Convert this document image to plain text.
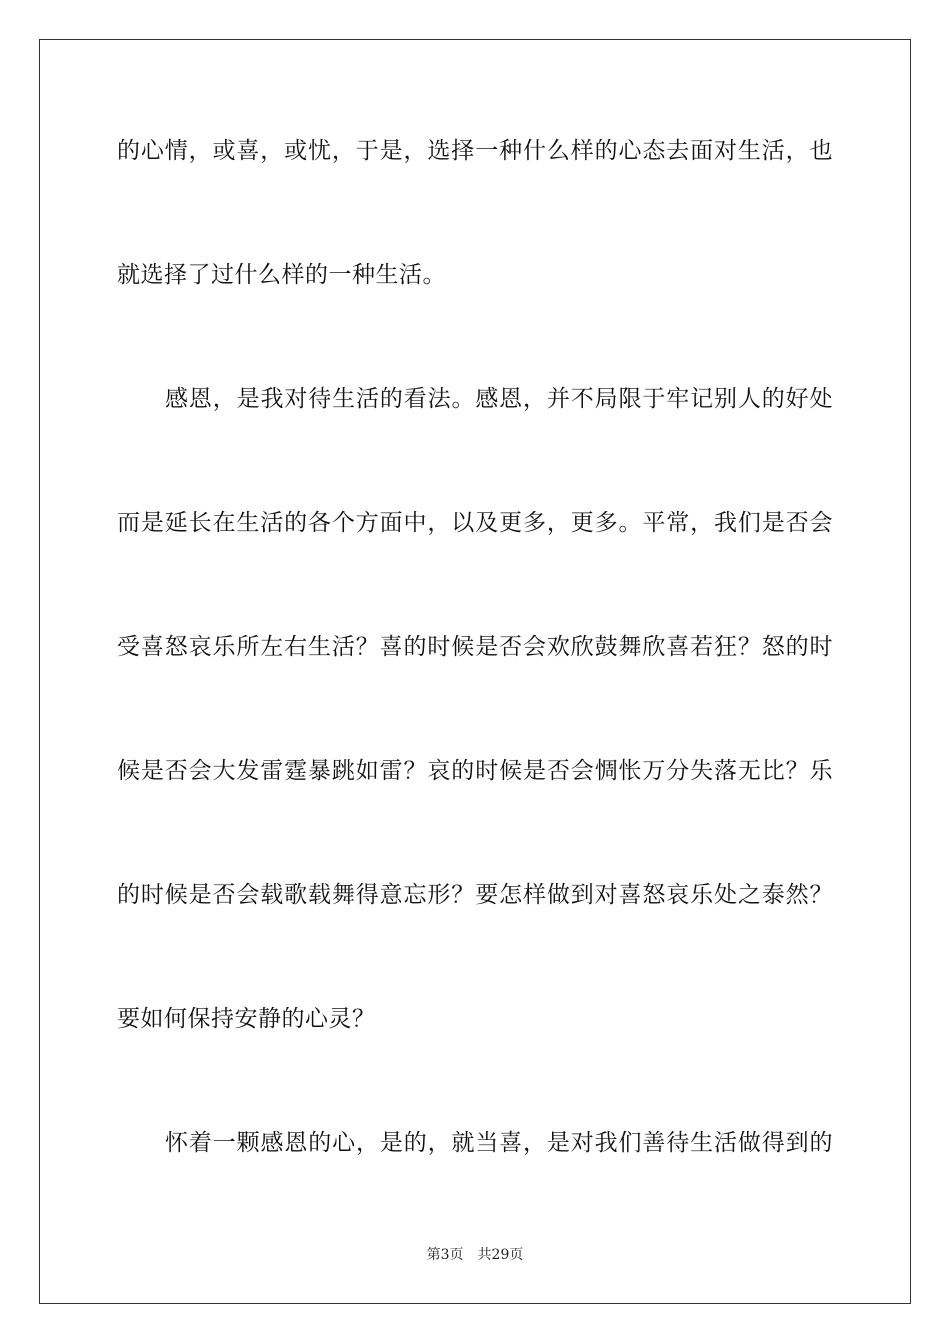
的心情，或喜，或忧，于是，选择一种什么样的心态去面对生活，也
就选择了过什么样的一种生活。
感恩，是我对待生活的看法。感恩，并不局限于牢记别人的好处
而是延长在生活的各个方面中，以及更多，更多。平常，我们是否会
受喜怒哀乐所左右生活？喜的时候是否会欢欣鼓舞欣喜若狂？怒的时
候是否会大发雷霆暴跳如雷？哀的时候是否会惆怅万分失落无比？乐
的时候是否会载歌载舞得意忘形？要怎样做到对喜怒哀乐处之泰然？
要如何保持安静的心灵？
怀着一颗感恩的心，是的，就当喜，是对我们善待生活做得到的
第3页 共29页
